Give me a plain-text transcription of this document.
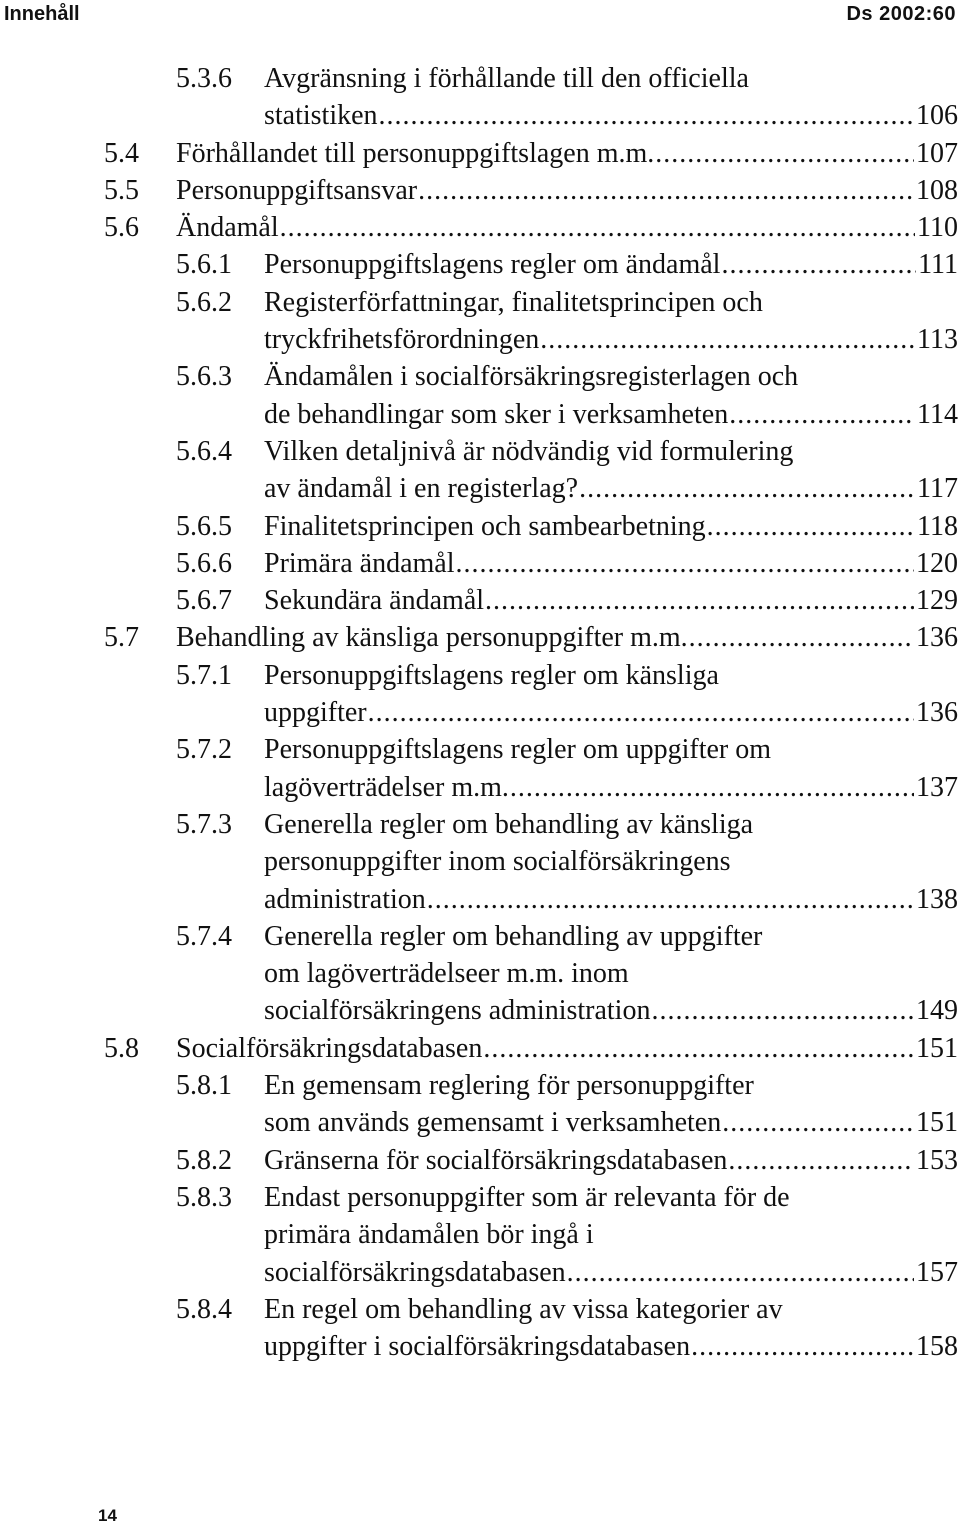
Innehåll	Ds 2002:60
5.3.6 Avgränsning i förhållande till den officiella
statistiken .....	106
5.4 Förhållandet till personuppgiftslagen m.m. .....	107
5.5 Personuppgiftsansvar .....	108
5.6 Ändamål .....	110
5.6.1 Personuppgiftslagens regler om ändamål .....	111
5.6.2 Registerförfattningar, finalitetsprincipen och
tryckfrihetsförordningen .....	113
5.6.3 Ändamålen i socialförsäkringsregisterlagen och
de behandlingar som sker i verksamheten .....	114
5.6.4 Vilken detaljnivå är nödvändig vid formulering
av ändamål i en registerlag? .....	117
5.6.5 Finalitetsprincipen och sambearbetning .....	118
5.6.6 Primära ändamål .....	120
5.6.7 Sekundära ändamål .....	129
5.7 Behandling av känsliga personuppgifter m.m. .....	136
5.7.1 Personuppgiftslagens regler om känsliga
uppgifter .....	136
5.7.2 Personuppgiftslagens regler om uppgifter om
lagöverträdelser m.m. .....	137
5.7.3 Generella regler om behandling av känsliga
personuppgifter inom socialförsäkringens
administration .....	138
5.7.4 Generella regler om behandling av uppgifter
om lagöverträdelseer m.m. inom
socialförsäkringens administration .....	149
5.8 Socialförsäkringsdatabasen .....	151
5.8.1 En gemensam reglering för personuppgifter
som används gemensamt i verksamheten .....	151
5.8.2 Gränserna för socialförsäkringsdatabasen .....	153
5.8.3 Endast personuppgifter som är relevanta för de
primära ändamålen bör ingå i
socialförsäkringsdatabasen .....	157
5.8.4 En regel om behandling av vissa kategorier av
uppgifter i socialförsäkringsdatabasen .....	158
14
